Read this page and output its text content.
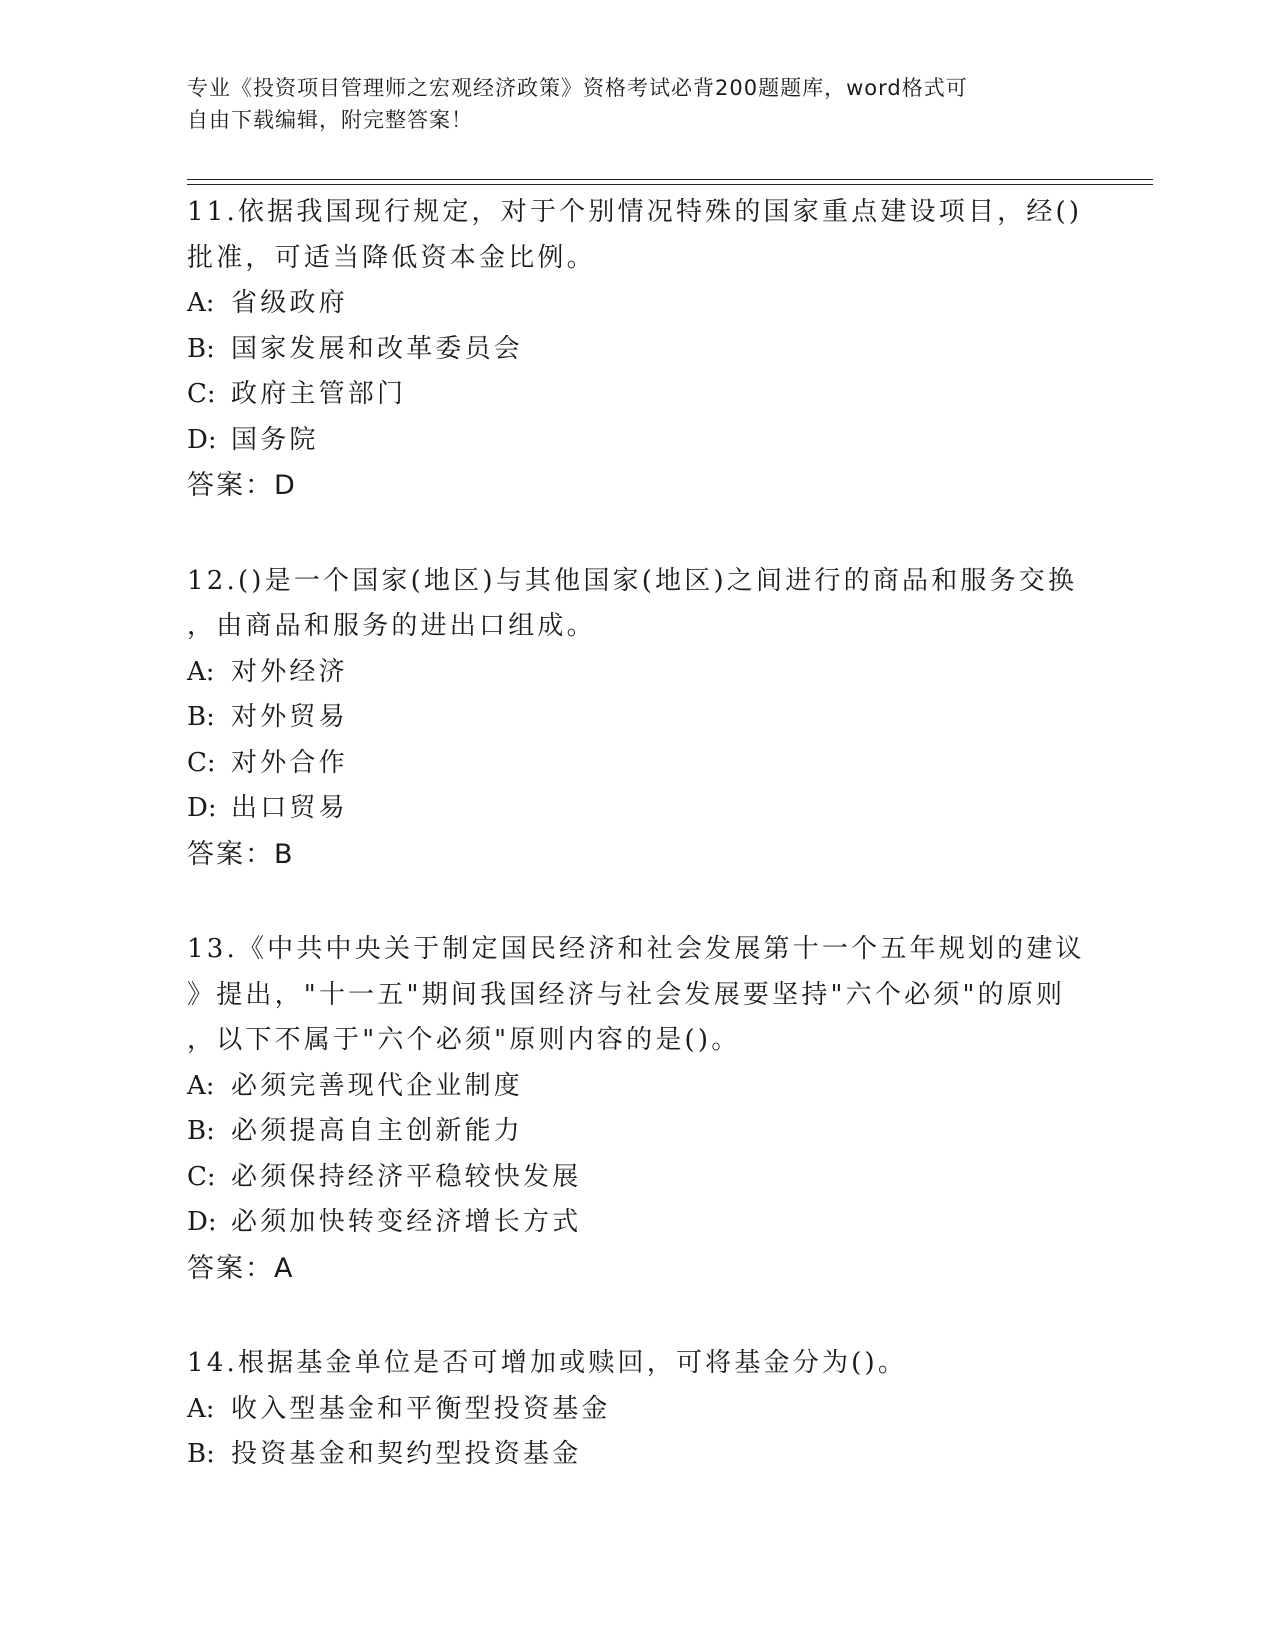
专业《投资项目管理师之宏观经济政策》资格考试必背200题题库，word格式可
自由下载编辑，附完整答案！
11.依据我国现行规定，对于个别情况特殊的国家重点建设项目，经()
批准，可适当降低资本金比例。
A: 省级政府
B: 国家发展和改革委员会
C: 政府主管部门
D: 国务院
答案：D
12.()是一个国家(地区)与其他国家(地区)之间进行的商品和服务交换
，由商品和服务的进出口组成。
A: 对外经济
B: 对外贸易
C: 对外合作
D: 出口贸易
答案：B
13.《中共中央关于制定国民经济和社会发展第十一个五年规划的建议
》提出，"十一五"期间我国经济与社会发展要坚持"六个必须"的原则
，以下不属于"六个必须"原则内容的是()。
A: 必须完善现代企业制度
B: 必须提高自主创新能力
C: 必须保持经济平稳较快发展
D: 必须加快转变经济增长方式
答案：A
14.根据基金单位是否可增加或赎回，可将基金分为()。
A: 收入型基金和平衡型投资基金
B: 投资基金和契约型投资基金
